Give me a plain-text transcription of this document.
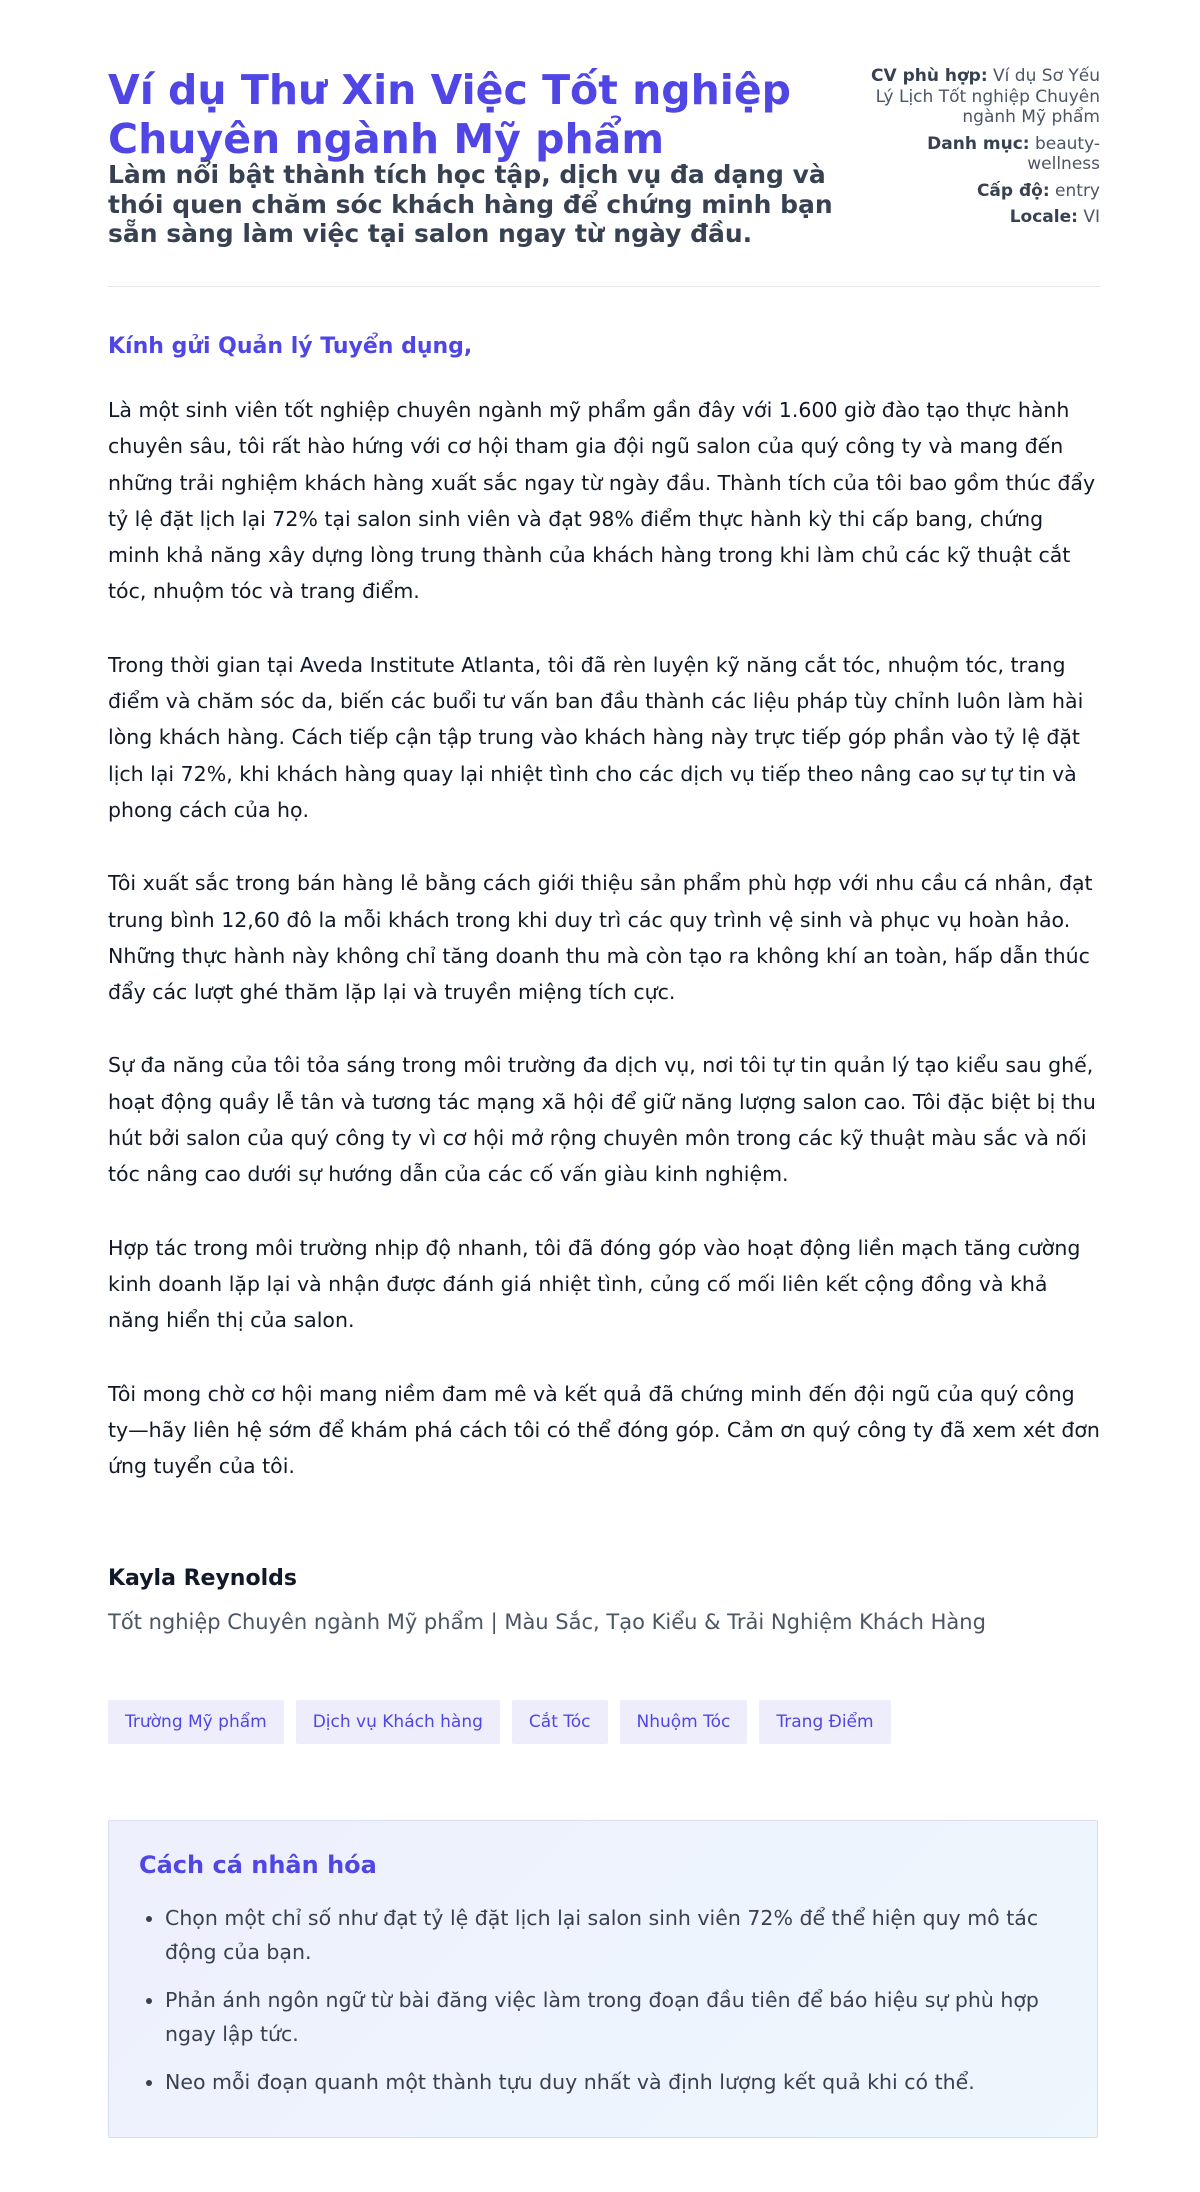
Ví dụ Thư Xin Việc Tốt nghiệp Chuyên ngành Mỹ phẩm
Làm nổi bật thành tích học tập, dịch vụ đa dạng và thói quen chăm sóc khách hàng để chứng minh bạn sẵn sàng làm việc tại salon ngay từ ngày đầu.
CV phù hợp: Ví dụ Sơ Yếu Lý Lịch Tốt nghiệp Chuyên ngành Mỹ phẩm
Danh mục: beauty-wellness
Cấp độ: entry
Locale: VI
Kính gửi Quản lý Tuyển dụng,

Là một sinh viên tốt nghiệp chuyên ngành mỹ phẩm gần đây với 1.600 giờ đào tạo thực hành chuyên sâu, tôi rất hào hứng với cơ hội tham gia đội ngũ salon của quý công ty và mang đến những trải nghiệm khách hàng xuất sắc ngay từ ngày đầu. Thành tích của tôi bao gồm thúc đẩy tỷ lệ đặt lịch lại 72% tại salon sinh viên và đạt 98% điểm thực hành kỳ thi cấp bang, chứng minh khả năng xây dựng lòng trung thành của khách hàng trong khi làm chủ các kỹ thuật cắt tóc, nhuộm tóc và trang điểm.

Trong thời gian tại Aveda Institute Atlanta, tôi đã rèn luyện kỹ năng cắt tóc, nhuộm tóc, trang điểm và chăm sóc da, biến các buổi tư vấn ban đầu thành các liệu pháp tùy chỉnh luôn làm hài lòng khách hàng. Cách tiếp cận tập trung vào khách hàng này trực tiếp góp phần vào tỷ lệ đặt lịch lại 72%, khi khách hàng quay lại nhiệt tình cho các dịch vụ tiếp theo nâng cao sự tự tin và phong cách của họ.

Tôi xuất sắc trong bán hàng lẻ bằng cách giới thiệu sản phẩm phù hợp với nhu cầu cá nhân, đạt trung bình 12,60 đô la mỗi khách trong khi duy trì các quy trình vệ sinh và phục vụ hoàn hảo. Những thực hành này không chỉ tăng doanh thu mà còn tạo ra không khí an toàn, hấp dẫn thúc đẩy các lượt ghé thăm lặp lại và truyền miệng tích cực.

Sự đa năng của tôi tỏa sáng trong môi trường đa dịch vụ, nơi tôi tự tin quản lý tạo kiểu sau ghế, hoạt động quầy lễ tân và tương tác mạng xã hội để giữ năng lượng salon cao. Tôi đặc biệt bị thu hút bởi salon của quý công ty vì cơ hội mở rộng chuyên môn trong các kỹ thuật màu sắc và nối tóc nâng cao dưới sự hướng dẫn của các cố vấn giàu kinh nghiệm.

Hợp tác trong môi trường nhịp độ nhanh, tôi đã đóng góp vào hoạt động liền mạch tăng cường kinh doanh lặp lại và nhận được đánh giá nhiệt tình, củng cố mối liên kết cộng đồng và khả năng hiển thị của salon.

Tôi mong chờ cơ hội mang niềm đam mê và kết quả đã chứng minh đến đội ngũ của quý công ty—hãy liên hệ sớm để khám phá cách tôi có thể đóng góp. Cảm ơn quý công ty đã xem xét đơn ứng tuyển của tôi.

Kayla Reynolds
Tốt nghiệp Chuyên ngành Mỹ phẩm | Màu Sắc, Tạo Kiểu & Trải Nghiệm Khách Hàng
Trường Mỹ phẩm	Dịch vụ Khách hàng	Cắt Tóc	Nhuộm Tóc	Trang Điểm
Cách cá nhân hóa
• Chọn một chỉ số như đạt tỷ lệ đặt lịch lại salon sinh viên 72% để thể hiện quy mô tác động của bạn.
• Phản ánh ngôn ngữ từ bài đăng việc làm trong đoạn đầu tiên để báo hiệu sự phù hợp ngay lập tức.
• Neo mỗi đoạn quanh một thành tựu duy nhất và định lượng kết quả khi có thể.
